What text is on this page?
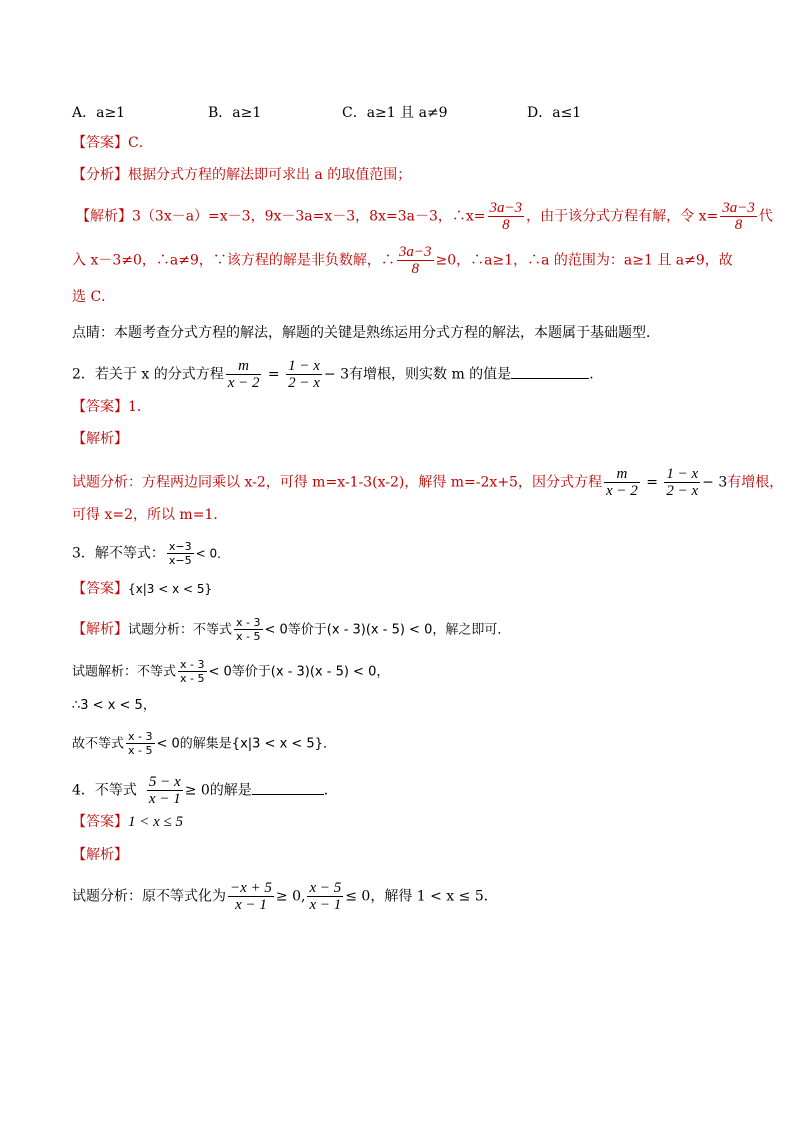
A．a≥1	B．a≥1	C．a≥1 且 a≠9	D．a≤1
【答案】C．
【分析】根据分式方程的解法即可求出 a 的取值范围；
【解析】3（3x－a）=x－3，9x－3a=x－3，8x=3a－3，∴x= $\frac{3a-3}{8}$ ，由于该分式方程有解，令 $x= \frac{3a-3}{8}$ 代
入 x－3≠0，∴a≠9，∵该方程的解是非负数解，∴ $\frac{3a-3}{8} \ge 0$，∴a≥1，∴a 的范围为：a≥1 且 a≠9，故
选 C．
点睛：本题考查分式方程的解法，解题的关键是熟练运用分式方程的解法，本题属于基础题型．
2．若关于 x 的分式方程 $\frac{m}{x - 2} = \frac{1 - x}{2 - x} - 3$有增根，则实数 m 的值是	．
【答案】1．
【解析】
试题分析：方程两边同乘以 x-2，可得 m=x-1-3(x-2)，解得 m=-2x+5，因分式方程 $\frac{m}{x - 2} = \frac{1 - x}{2 - x} - 3$有增根，
可得 x=2，所以 m=1．
3．解不等式： $\frac{x-3}{x-5} < 0$．
【答案】{x|3 < x < 5}
【解析】试题分析：不等式 $\frac{x - 3}{x - 5} < 0$等价于(x - 3)(x - 5) < 0，解之即可．
试题解析：不等式 $\frac{x - 3}{x - 5} < 0$等价于(x - 3)(x - 5) < 0，
∴3 < x < 5，
故不等式 $\frac{x - 3}{x - 5} < 0$的解集是{x|3 < x < 5}．
4．不等式 $\frac{5 - x}{x - 1} \ge 0$的解是	．
【答案】1 < x ≤ 5
【解析】
试题分析：原不等式化为 $\frac{-x + 5}{x - 1} \ge 0$, $\frac{x - 5}{x - 1} \le 0$，解得 1 < x ≤ 5．
